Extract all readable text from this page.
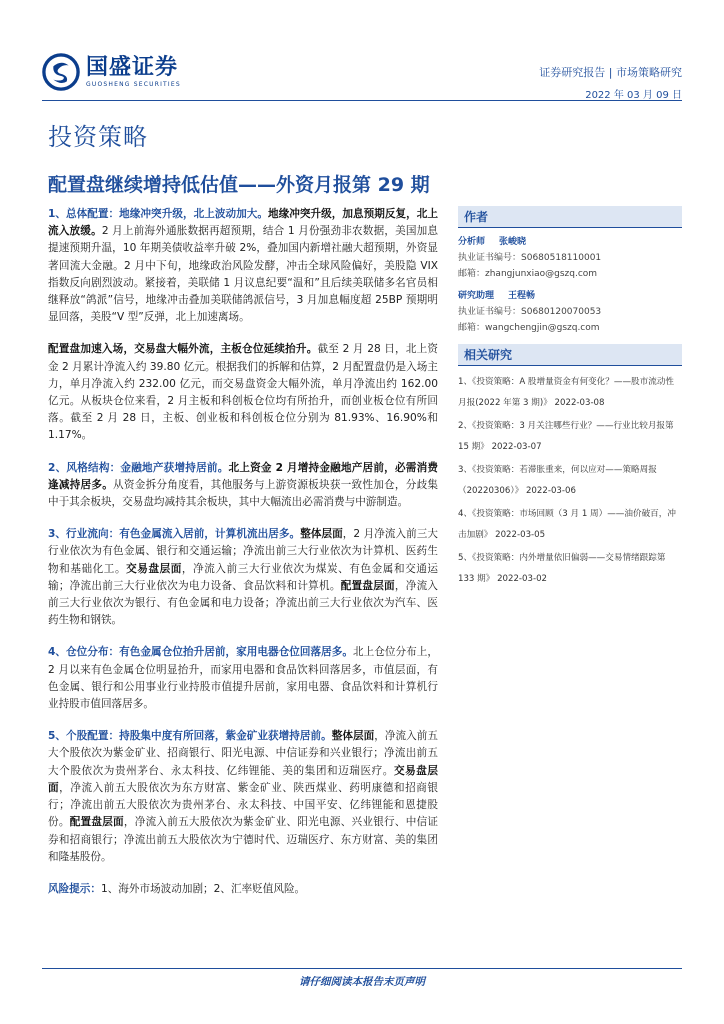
国盛证券
GUOSHENG SECURITIES
证券研究报告 | 市场策略研究
2022 年 03 月 09 日
投资策略
配置盘继续增持低估值——外资月报第 29 期

1、总体配置：地缘冲突升级，北上波动加大。地缘冲突升级，加息预期反复，北上流入放缓。2 月上前海外通胀数据再超预期，结合 1 月份强劲非农数据，美国加息提速预期升温，10 年期美债收益率升破 2%，叠加国内新增社融大超预期，外资显著回流大金融。2 月中下旬，地缘政治风险发酵，冲击全球风险偏好，美股隐 VIX 指数反向剧烈波动。紧接着，美联储 1 月议息纪要“温和”且后续美联储多名官员相继释放“鸽派”信号，地缘冲击叠加美联储鸽派信号，3 月加息幅度超 25BP 预期明显回落，美股“V 型”反弹，北上加速离场。

配置盘加速入场，交易盘大幅外流，主板仓位延续抬升。截至 2 月 28 日，北上资金 2 月累计净流入约 39.80 亿元。根据我们的拆解和估算，2 月配置盘仍是入场主力，单月净流入约 232.00 亿元，而交易盘资金大幅外流，单月净流出约 162.00 亿元。从板块仓位来看，2 月主板和科创板仓位均有所抬升，而创业板仓位有所回落。截至 2 月 28 日，主板、创业板和科创板仓位分别为 81.93%、16.90%和 1.17%。

2、风格结构：金融地产获增持居前。北上资金 2 月增持金融地产居前，必需消费逢减持居多。从资金拆分角度看，其他服务与上游资源板块获一致性加仓，分歧集中于其余板块，交易盘均减持其余板块，其中大幅流出必需消费与中游制造。

3、行业流向：有色金属流入居前，计算机流出居多。整体层面，2 月净流入前三大行业依次为有色金属、银行和交通运输；净流出前三大行业依次为计算机、医药生物和基础化工。交易盘层面，净流入前三大行业依次为煤炭、有色金属和交通运输；净流出前三大行业依次为电力设备、食品饮料和计算机。配置盘层面，净流入前三大行业依次为银行、有色金属和电力设备；净流出前三大行业依次为汽车、医药生物和钢铁。

4、仓位分布：有色金属仓位抬升居前，家用电器仓位回落居多。北上仓位分布上，2 月以来有色金属仓位明显抬升，而家用电器和食品饮料回落居多，市值层面，有色金属、银行和公用事业行业持股市值提升居前，家用电器、食品饮料和计算机行业持股市值回落居多。

5、个股配置：持股集中度有所回落，紫金矿业获增持居前。整体层面，净流入前五大个股依次为紫金矿业、招商银行、阳光电源、中信证券和兴业银行；净流出前五大个股依次为贵州茅台、永太科技、亿纬锂能、美的集团和迈瑞医疗。交易盘层面，净流入前五大股依次为东方财富、紫金矿业、陕西煤业、药明康德和招商银行；净流出前五大股依次为贵州茅台、永太科技、中国平安、亿纬锂能和恩捷股份。配置盘层面，净流入前五大股依次为紫金矿业、阳光电源、兴业银行、中信证券和招商银行；净流出前五大股依次为宁德时代、迈瑞医疗、东方财富、美的集团和隆基股份。

风险提示：1、海外市场波动加剧；2、汇率贬值风险。

作者
分析师 张峻晓
执业证书编号：S0680518110001
邮箱：zhangjunxiao@gszq.com
研究助理 王程畅
执业证书编号：S0680120070053
邮箱：wangchengjin@gszq.com
相关研究
1、《投资策略：A 股增量资金有何变化？——股市流动性月报(2022 年第 3 期)》 2022-03-08
2、《投资策略：3 月关注哪些行业？——行业比较月报第 15 期》 2022-03-07
3、《投资策略：若滞胀重来，何以应对——策略周报（20220306）》 2022-03-06
4、《投资策略：市场回顾（3 月 1 周）——油价破百，冲击加剧》 2022-03-05
5、《投资策略：内外增量依旧偏弱——交易情绪跟踪第 133 期》 2022-03-02
请仔细阅读本报告末页声明
